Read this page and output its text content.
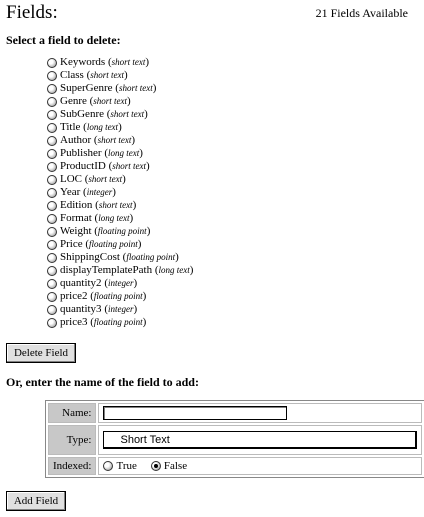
Fields:	21 Fields Available
Select a field to delete:
Keywords ( short text )
Class ( short text )
SuperGenre ( short text )
Genre ( short text )
SubGenre ( short text )
Title ( long text )
Author ( short text )
Publisher ( long text )
ProductID ( short text )
LOC ( short text )
Year ( integer )
Edition ( short text )
Format ( long text )
Weight ( floating point )
Price ( floating point )
ShippingCost ( floating point )
displayTemplatePath ( long text )
quantity2 ( integer )
price2 ( floating point )
quantity3 ( integer )
price3 ( floating point )
Delete Field
Or, enter the name of the field to add:
Name:	
Type:	Short Text

Indexed:	True False
Add Field
